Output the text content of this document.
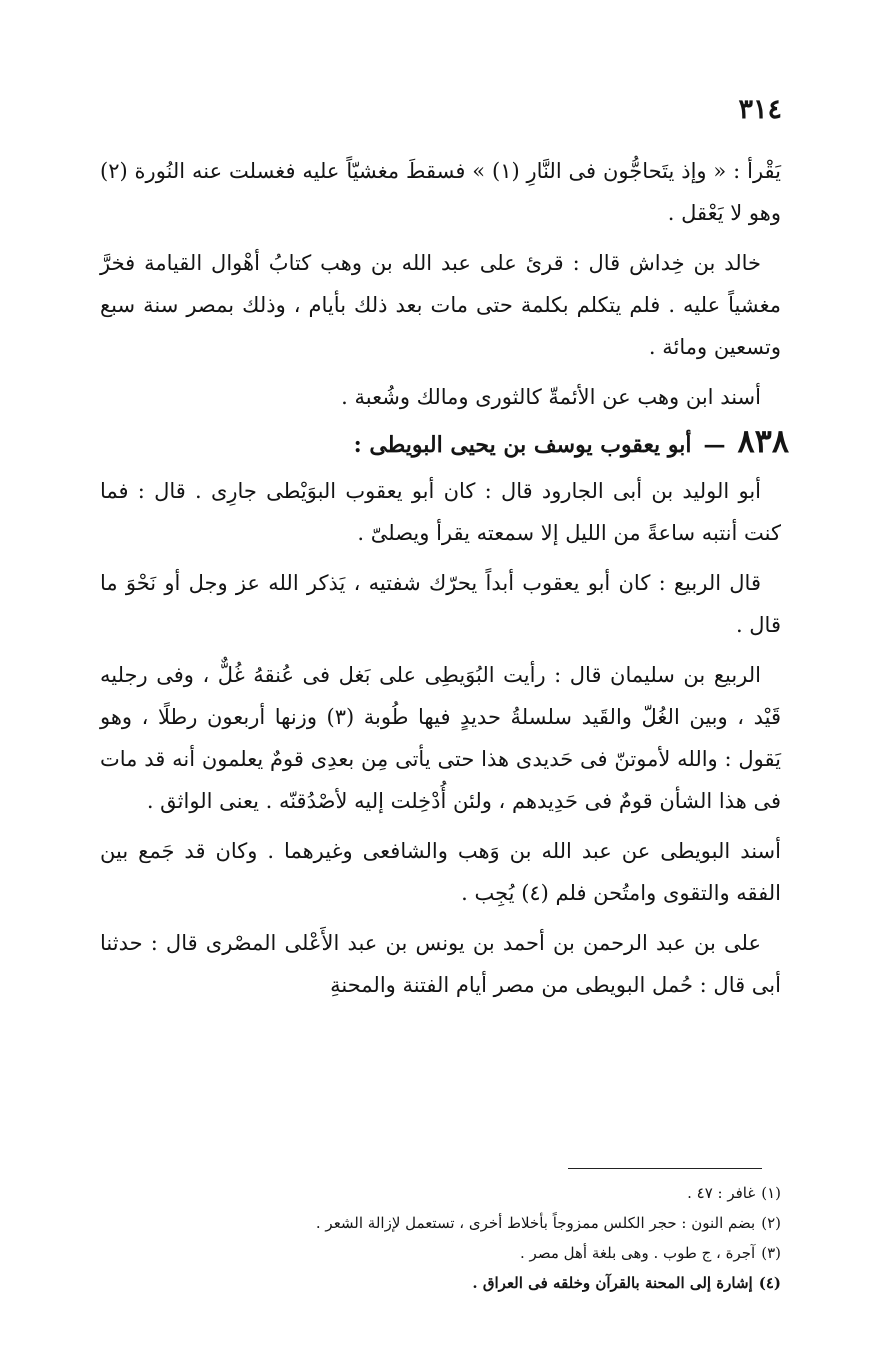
٣١٤

يَقْرأ : « وإذ يتَحاجُّون فى النَّارِ (١) » فسقطَ مغشيّاً عليه فغسلت عنه النُورة (٢) وهو لا يَعْقل .

خالد بن خِداش قال : قرئ على عبد الله بن وهب كتابُ أهْوال القيامة فخرَّ مغشياً عليه . فلم يتكلم بكلمة حتى مات بعد ذلك بأيام ، وذلك بمصر سنة سبع وتسعين ومائة .

أسند ابن وهب عن الأئمةّ كالثورى ومالك وشُعبة .

٨٣٨
—
أبو يعقوب يوسف بن يحيى البويطى :

أبو الوليد بن أبى الجارود قال : كان أبو يعقوب البوَيْطى جارِى . قال : فما كنت أنتبه ساعةً من الليل إلا سمعته يقرأ ويصلىّ .

قال الربيع : كان أبو يعقوب أبداً يحرّك شفتيه ، يَذكر الله عز وجل أو نَحْوَ ما قال .

الربيع بن سليمان قال : رأيت البُوَيطِى على بَغل فى عُنقهُ غُلٌّ ، وفى رجليه قَيْد ، وبين الغُلّ والقَيد سلسلةُ حديدٍ فيها طُوبة (٣) وزنها أربعون رطلًا ، وهو يَقول : والله لأموتنّ فى حَديدى هذا حتى يأتى مِن بعدِى قومٌ يعلمون أنه قد مات فى هذا الشأن قومٌ فى حَدِيدهم ، ولئن أُدْخِلت إليه لأصْدُقنّه . يعنى الواثق .

أسند البويطى عن عبد الله بن وَهب والشافعى وغيرهما . وكان قد جَمع بين الفقه والتقوى وامتُحن فلم (٤) يُجِب .

على بن عبد الرحمن بن أحمد بن يونس بن عبد الأَعْلى المصْرى قال : حدثنا أبى قال : حُمل البويطى من مصر أيام الفتنة والمحنةِ

(١)غافر : ٤٧ .

(٢)بضم النون : حجر الكلس ممزوجاً بأخلاط أخرى ، تستعمل لإزالة الشعر .

(٣)آجرة ، ج طوب . وهى بلغة أهل مصر .

(٤)إشارة إلى المحنة بالقرآن وخلقه فى العراق .
